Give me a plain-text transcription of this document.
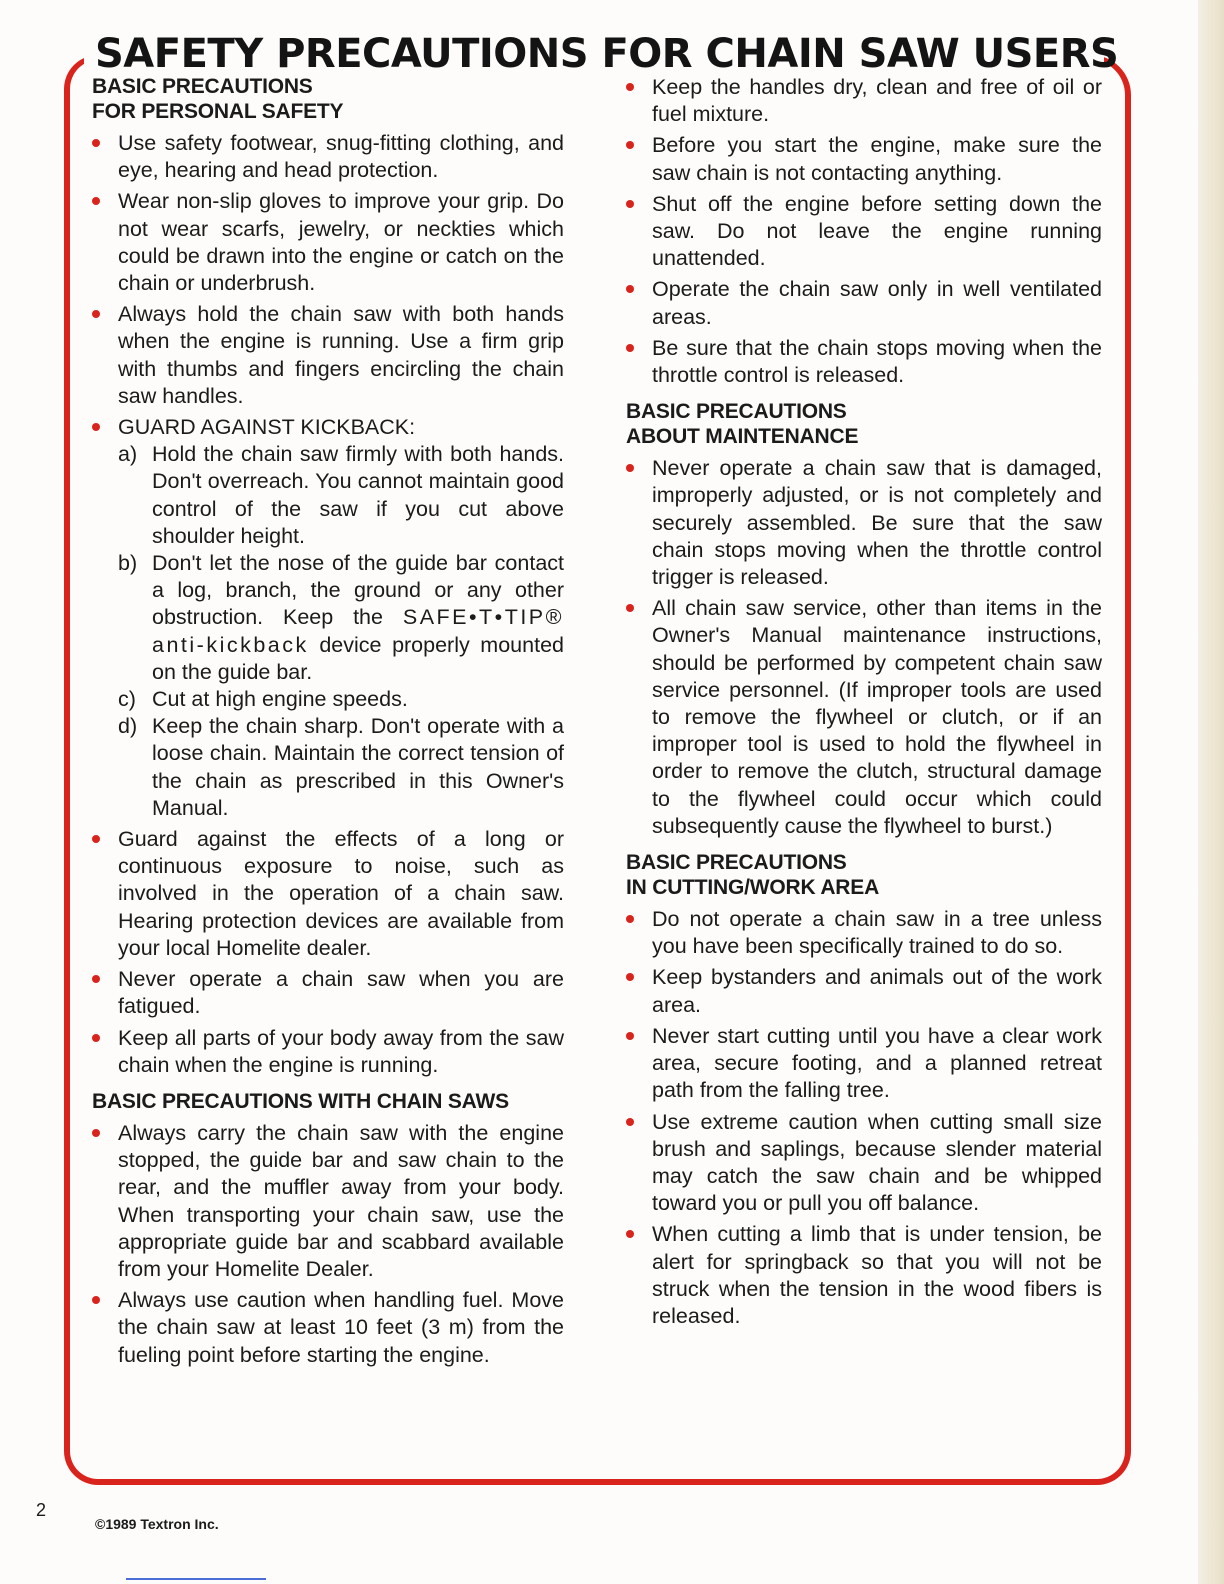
SAFETY PRECAUTIONS FOR CHAIN SAW USERS
BASIC PRECAUTIONS
FOR PERSONAL SAFETY

Use safety footwear, snug-fitting clothing, and eye, hearing and head protection.

Wear non-slip gloves to improve your grip. Do not wear scarfs, jewelry, or neckties which could be drawn into the engine or catch on the chain or underbrush.

Always hold the chain saw with both hands when the engine is running. Use a firm grip with thumbs and fingers encircling the chain saw handles.

GUARD AGAINST KICKBACK:

a) Hold the chain saw firmly with both hands. Don't overreach. You cannot maintain good control of the saw if you cut above shoulder height.

b) Don't let the nose of the guide bar contact a log, branch, the ground or any other obstruction. Keep the SAFE•T•TIP® anti-kickback device properly mounted on the guide bar.

c) Cut at high engine speeds.

d) Keep the chain sharp. Don't operate with a loose chain. Maintain the correct tension of the chain as prescribed in this Owner's Manual.

Guard against the effects of a long or continuous exposure to noise, such as involved in the operation of a chain saw. Hearing protection devices are available from your local Homelite dealer.

Never operate a chain saw when you are fatigued.

Keep all parts of your body away from the saw chain when the engine is running.

BASIC PRECAUTIONS WITH CHAIN SAWS

Always carry the chain saw with the engine stopped, the guide bar and saw chain to the rear, and the muffler away from your body. When transporting your chain saw, use the appropriate guide bar and scabbard available from your Homelite Dealer.

Always use caution when handling fuel. Move the chain saw at least 10 feet (3 m) from the fueling point before starting the engine.

Keep the handles dry, clean and free of oil or fuel mixture.

Before you start the engine, make sure the saw chain is not contacting anything.

Shut off the engine before setting down the saw. Do not leave the engine running unattended.

Operate the chain saw only in well ventilated areas.

Be sure that the chain stops moving when the throttle control is released.

BASIC PRECAUTIONS
ABOUT MAINTENANCE

Never operate a chain saw that is damaged, improperly adjusted, or is not completely and securely assembled. Be sure that the saw chain stops moving when the throttle control trigger is released.

All chain saw service, other than items in the Owner's Manual maintenance instructions, should be performed by competent chain saw service personnel. (If improper tools are used to remove the flywheel or clutch, or if an improper tool is used to hold the flywheel in order to remove the clutch, structural damage to the flywheel could occur which could subsequently cause the flywheel to burst.)

BASIC PRECAUTIONS
IN CUTTING/WORK AREA

Do not operate a chain saw in a tree unless you have been specifically trained to do so.

Keep bystanders and animals out of the work area.

Never start cutting until you have a clear work area, secure footing, and a planned retreat path from the falling tree.

Use extreme caution when cutting small size brush and saplings, because slender material may catch the saw chain and be whipped toward you or pull you off balance.

When cutting a limb that is under tension, be alert for springback so that you will not be struck when the tension in the wood fibers is released.

2
©1989 Textron Inc.
